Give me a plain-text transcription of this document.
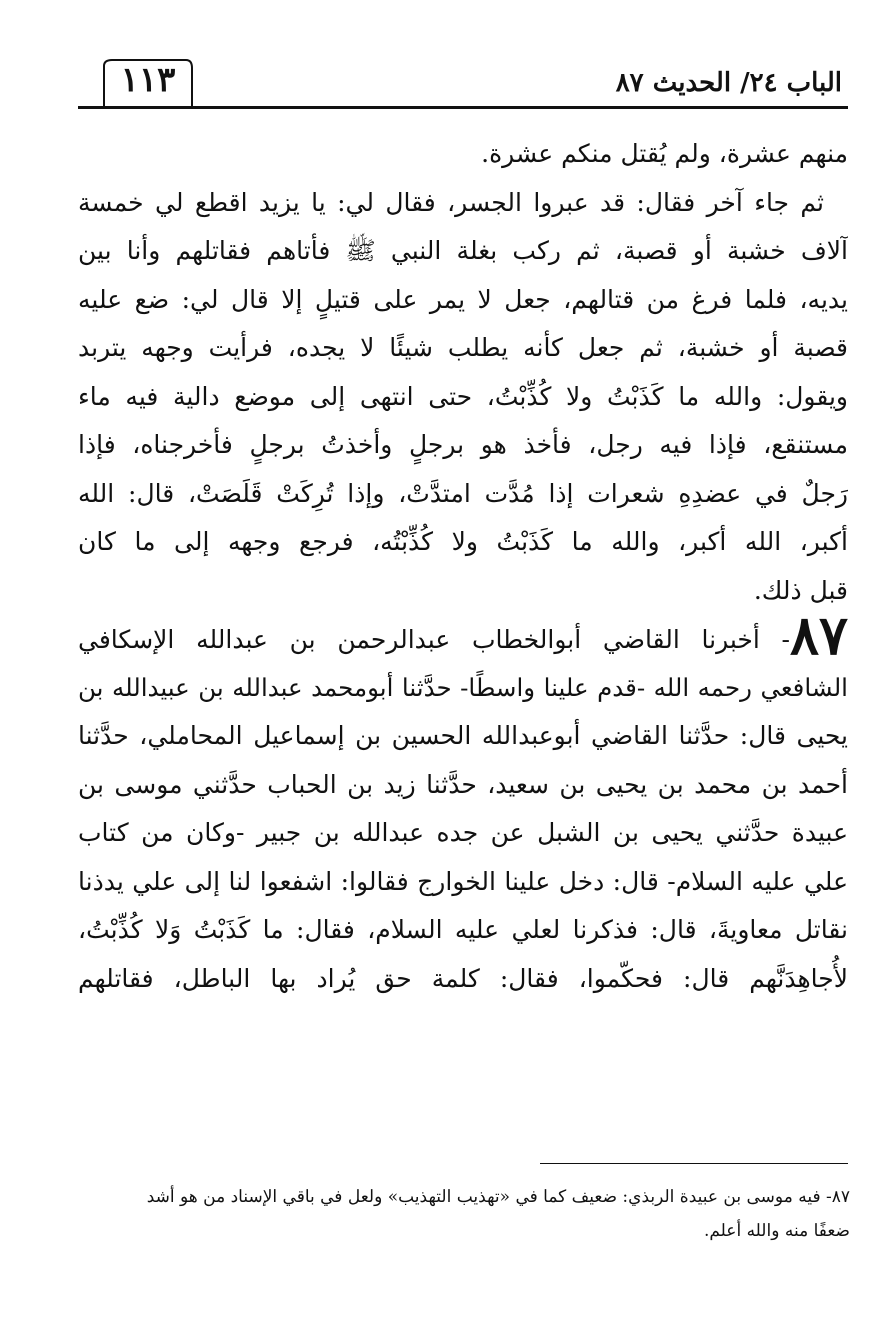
الباب ٢٤/ الحديث ٨٧
١١٣
منهم عشرة، ولم يُقتل منكم عشرة.
ثم جاء آخر فقال: قد عبروا الجسر، فقال لي: يا يزيد اقطع لي خمسة
آلاف خشبة أو قصبة، ثم ركب بغلة النبي ﷺ فأتاهم فقاتلهم وأنا بين
يديه، فلما فرغ من قتالهم، جعل لا يمر على قتيلٍ إلا قال لي: ضع عليه
قصبة أو خشبة، ثم جعل كأنه يطلب شيئًا لا يجده، فرأيت وجهه يتربد
ويقول: والله ما كَذَبْتُ ولا كُذِّبْتُ، حتى انتهى إلى موضع دالية فيه ماء
مستنقع، فإذا فيه رجل، فأخذ هو برجلٍ وأخذتُ برجلٍ فأخرجناه، فإذا
رَجلٌ في عضدِهِ شعرات إذا مُدَّت امتدَّتْ، وإذا تُرِكَتْ قَلَصَتْ، قال: الله
أكبر، الله أكبر، والله ما كَذَبْتُ ولا كُذِّبْتُه، فرجع وجهه إلى ما كان
قبل ذلك.
٨٧- أخبرنا القاضي أبوالخطاب عبدالرحمن بن عبدالله الإسكافي
الشافعي رحمه الله -قدم علينا واسطًا- حدَّثنا أبومحمد عبدالله بن عبيدالله بن
يحيى قال: حدَّثنا القاضي أبوعبدالله الحسين بن إسماعيل المحاملي، حدَّثنا
أحمد بن محمد بن يحيى بن سعيد، حدَّثنا زيد بن الحباب حدَّثني موسى بن
عبيدة حدَّثني يحيى بن الشبل عن جده عبدالله بن جبير -وكان من كتاب
علي عليه السلام- قال: دخل علينا الخوارج فقالوا: اشفعوا لنا إلى علي يدذنا
نقاتل معاويةَ، قال: فذكرنا لعلي عليه السلام، فقال: ما كَذَبْتُ وَلا كُذِّبْتُ،
لأُجاهِدَنَّهم قال: فحكّموا، فقال: كلمة حق يُراد بها الباطل، فقاتلهم
٨٧- فيه موسى بن عبيدة الربذي: ضعيف كما في «تهذيب التهذيب» ولعل في باقي الإسناد من هو أشد
ضعفًا منه والله أعلم.
